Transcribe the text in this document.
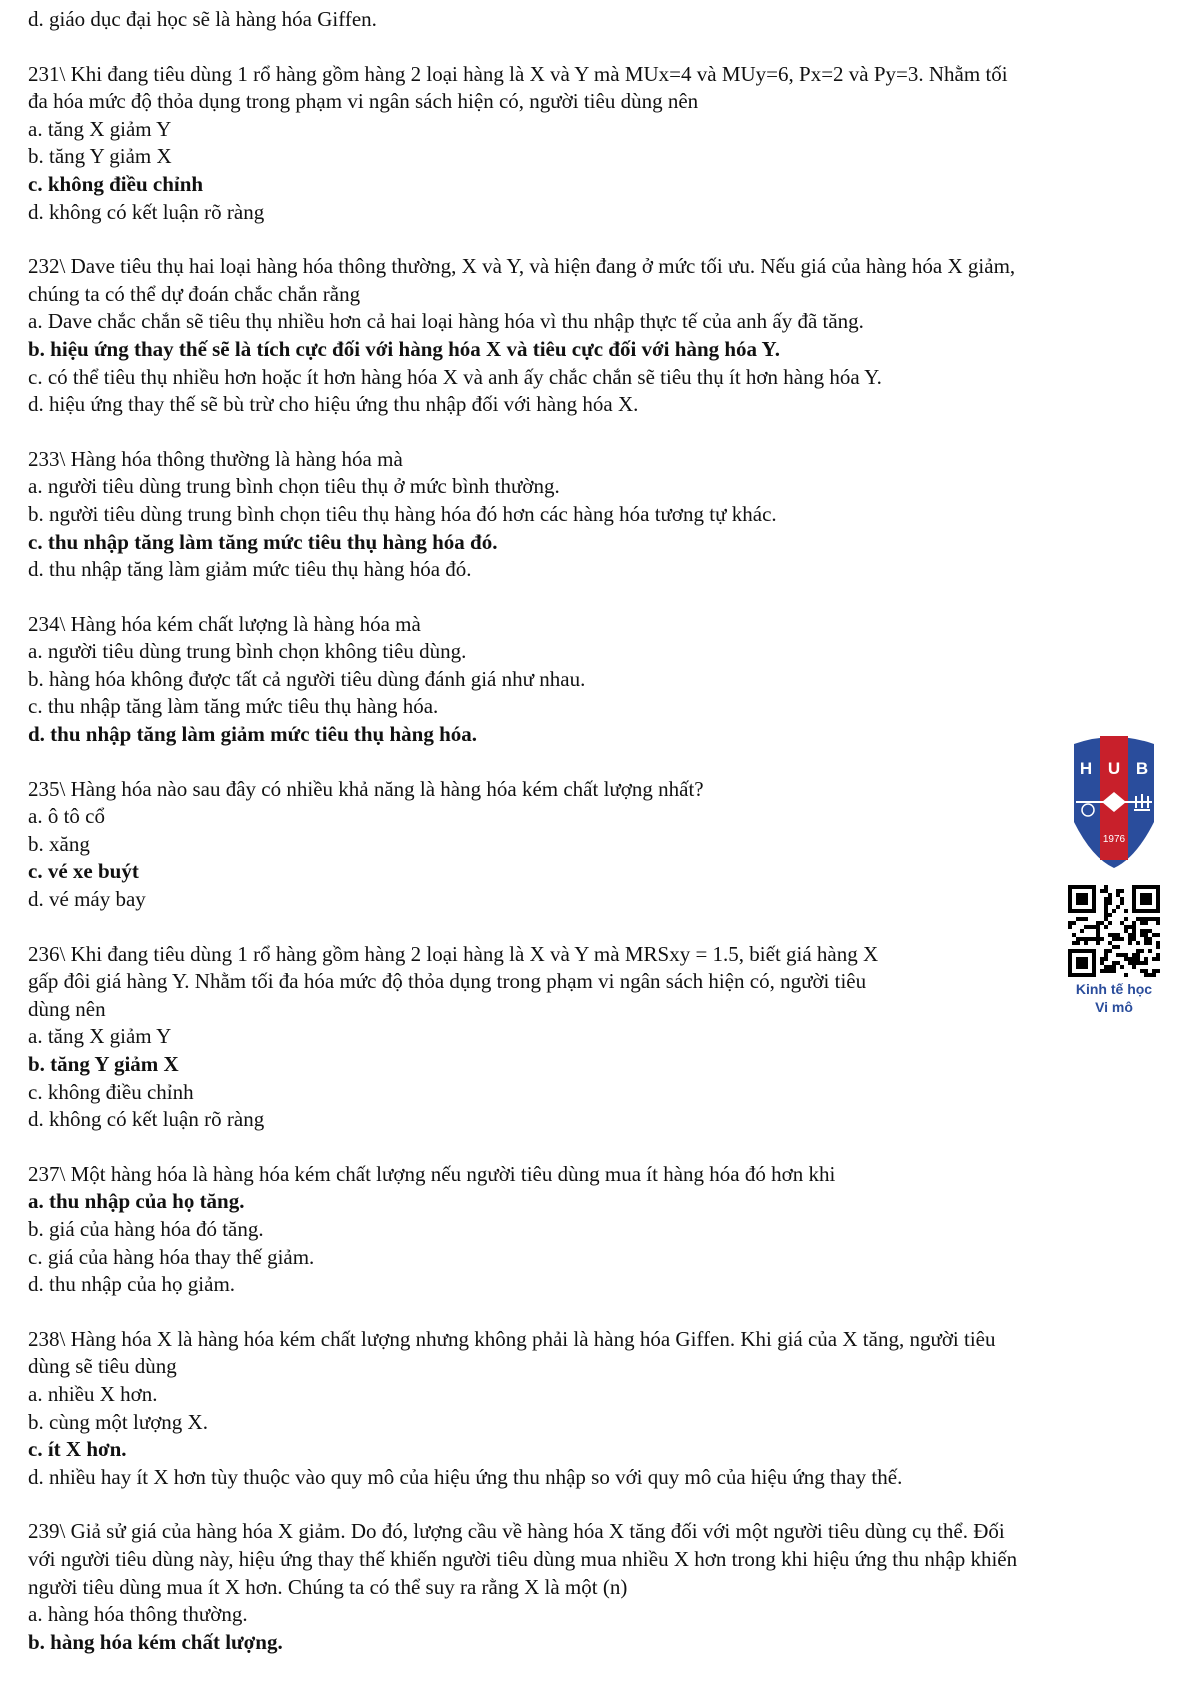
d. giáo dục đại học sẽ là hàng hóa Giffen.
231\ Khi đang tiêu dùng 1 rổ hàng gồm hàng 2 loại hàng là X và Y mà MUx=4 và MUy=6, Px=2 và Py=3. Nhằm tối
đa hóa mức độ thỏa dụng trong phạm vi ngân sách hiện có, người tiêu dùng nên
a. tăng X giảm Y
b. tăng Y giảm X
c. không điều chỉnh
d. không có kết luận rõ ràng
232\ Dave tiêu thụ hai loại hàng hóa thông thường, X và Y, và hiện đang ở mức tối ưu. Nếu giá của hàng hóa X giảm,
chúng ta có thể dự đoán chắc chắn rằng
a. Dave chắc chắn sẽ tiêu thụ nhiều hơn cả hai loại hàng hóa vì thu nhập thực tế của anh ấy đã tăng.
b. hiệu ứng thay thế sẽ là tích cực đối với hàng hóa X và tiêu cực đối với hàng hóa Y.
c. có thể tiêu thụ nhiều hơn hoặc ít hơn hàng hóa X và anh ấy chắc chắn sẽ tiêu thụ ít hơn hàng hóa Y.
d. hiệu ứng thay thế sẽ bù trừ cho hiệu ứng thu nhập đối với hàng hóa X.
233\ Hàng hóa thông thường là hàng hóa mà
a. người tiêu dùng trung bình chọn tiêu thụ ở mức bình thường.
b. người tiêu dùng trung bình chọn tiêu thụ hàng hóa đó hơn các hàng hóa tương tự khác.
c. thu nhập tăng làm tăng mức tiêu thụ hàng hóa đó.
d. thu nhập tăng làm giảm mức tiêu thụ hàng hóa đó.
234\ Hàng hóa kém chất lượng là hàng hóa mà
a. người tiêu dùng trung bình chọn không tiêu dùng.
b. hàng hóa không được tất cả người tiêu dùng đánh giá như nhau.
c. thu nhập tăng làm tăng mức tiêu thụ hàng hóa.
d. thu nhập tăng làm giảm mức tiêu thụ hàng hóa.
235\ Hàng hóa nào sau đây có nhiều khả năng là hàng hóa kém chất lượng nhất?
a. ô tô cổ
b. xăng
c. vé xe buýt
d. vé máy bay
236\ Khi đang tiêu dùng 1 rổ hàng gồm hàng 2 loại hàng là X và Y mà MRSxy = 1.5, biết giá hàng X
gấp đôi giá hàng Y. Nhằm tối đa hóa mức độ thỏa dụng trong phạm vi ngân sách hiện có, người tiêu
dùng nên
a. tăng X giảm Y
b. tăng Y giảm X
c. không điều chỉnh
d. không có kết luận rõ ràng
237\ Một hàng hóa là hàng hóa kém chất lượng nếu người tiêu dùng mua ít hàng hóa đó hơn khi
a. thu nhập của họ tăng.
b. giá của hàng hóa đó tăng.
c. giá của hàng hóa thay thế giảm.
d. thu nhập của họ giảm.
238\ Hàng hóa X là hàng hóa kém chất lượng nhưng không phải là hàng hóa Giffen. Khi giá của X tăng, người tiêu
dùng sẽ tiêu dùng
a. nhiều X hơn.
b. cùng một lượng X.
c. ít X hơn.
d. nhiều hay ít X hơn tùy thuộc vào quy mô của hiệu ứng thu nhập so với quy mô của hiệu ứng thay thế.
239\ Giả sử giá của hàng hóa X giảm. Do đó, lượng cầu về hàng hóa X tăng đối với một người tiêu dùng cụ thể. Đối
với người tiêu dùng này, hiệu ứng thay thế khiến người tiêu dùng mua nhiều X hơn trong khi hiệu ứng thu nhập khiến
người tiêu dùng mua ít X hơn. Chúng ta có thể suy ra rằng X là một (n)
a. hàng hóa thông thường.
b. hàng hóa kém chất lượng.
H U B
1976
Kinh tế học
Vi mô
